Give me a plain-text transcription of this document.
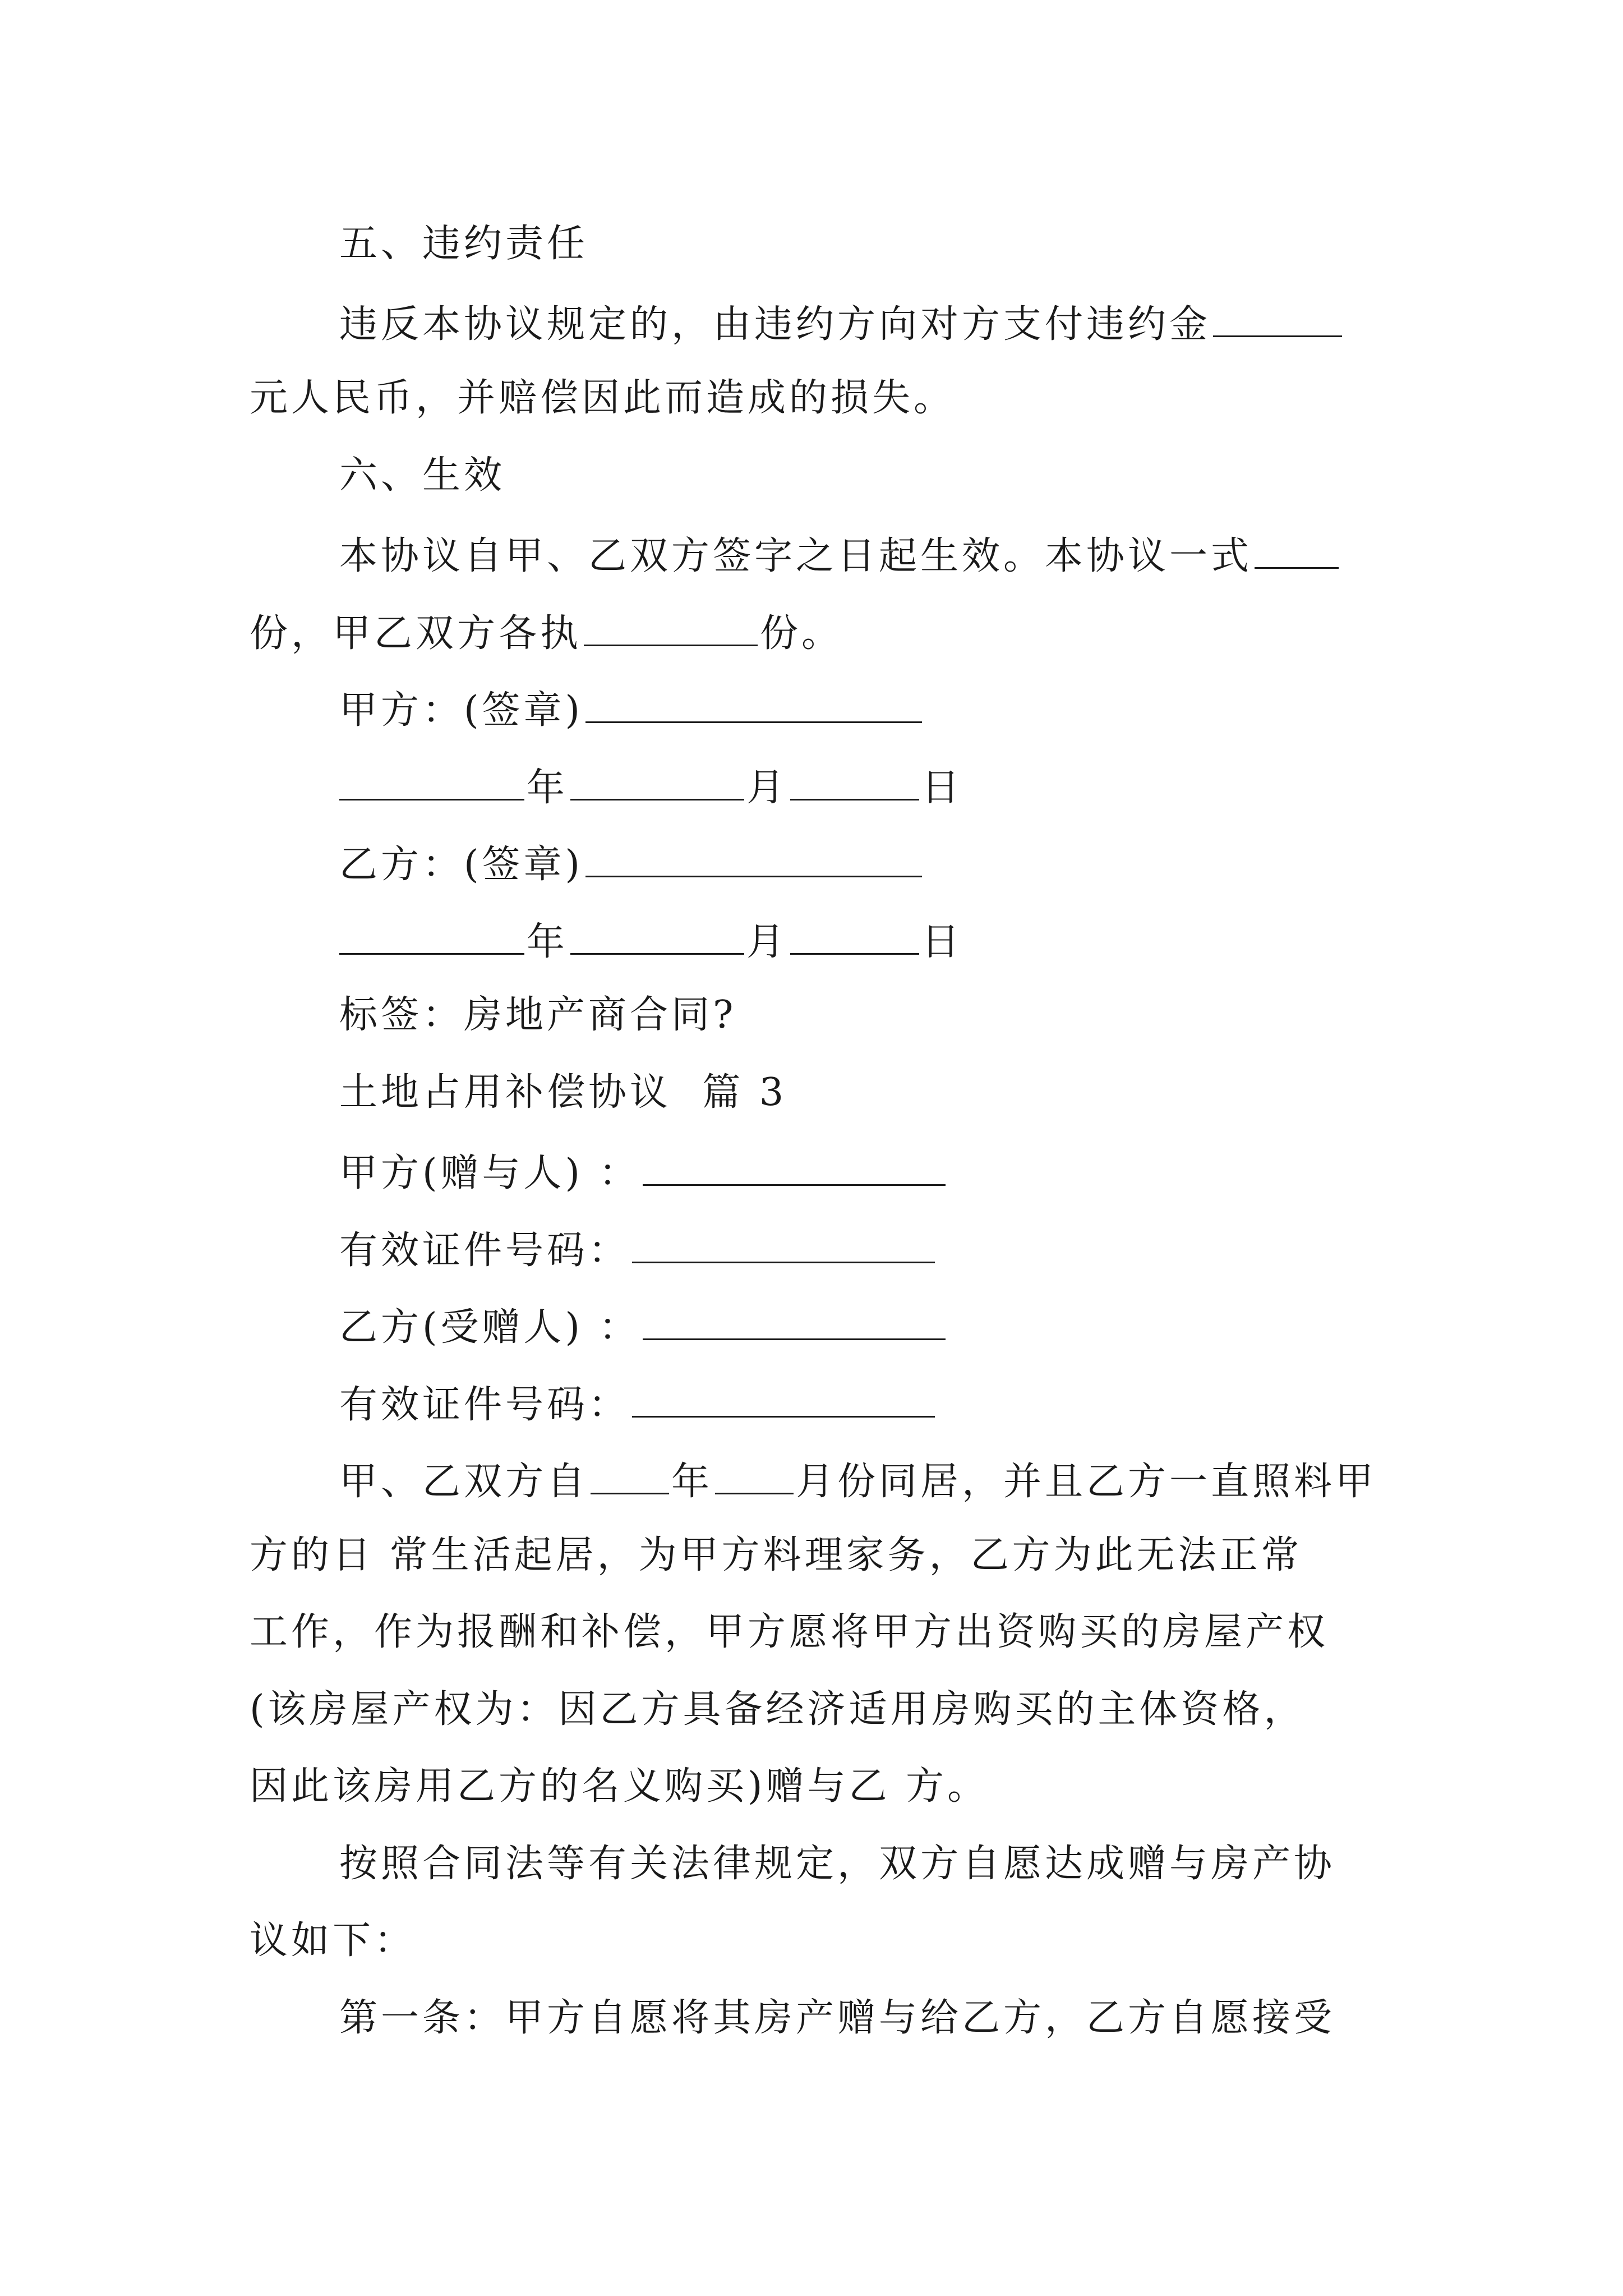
五、违约责任
违反本协议规定的，由违约方向对方支付违约金
元人民币，并赔偿因此而造成的损失。
六、生效
本协议自甲、乙双方签字之日起生效。本协议一式
份，甲乙双方各执	份。
甲方：(签章)
年	月	日
乙方：(签章)
年	月	日
标签：房地产商合同?
土地占用补偿协议  篇 3
甲方(赠与人) ：
有效证件号码：
乙方(受赠人) ：
有效证件号码：
甲、乙双方自 年 月份同居，并且乙方一直照料甲
方的日 常生活起居，为甲方料理家务，乙方为此无法正常
工作，作为报酬和补偿，甲方愿将甲方出资购买的房屋产权
(该房屋产权为：因乙方具备经济适用房购买的主体资格，
因此该房用乙方的名义购买)赠与乙 方。
按照合同法等有关法律规定，双方自愿达成赠与房产协
议如下：
第一条：甲方自愿将其房产赠与给乙方，乙方自愿接受
